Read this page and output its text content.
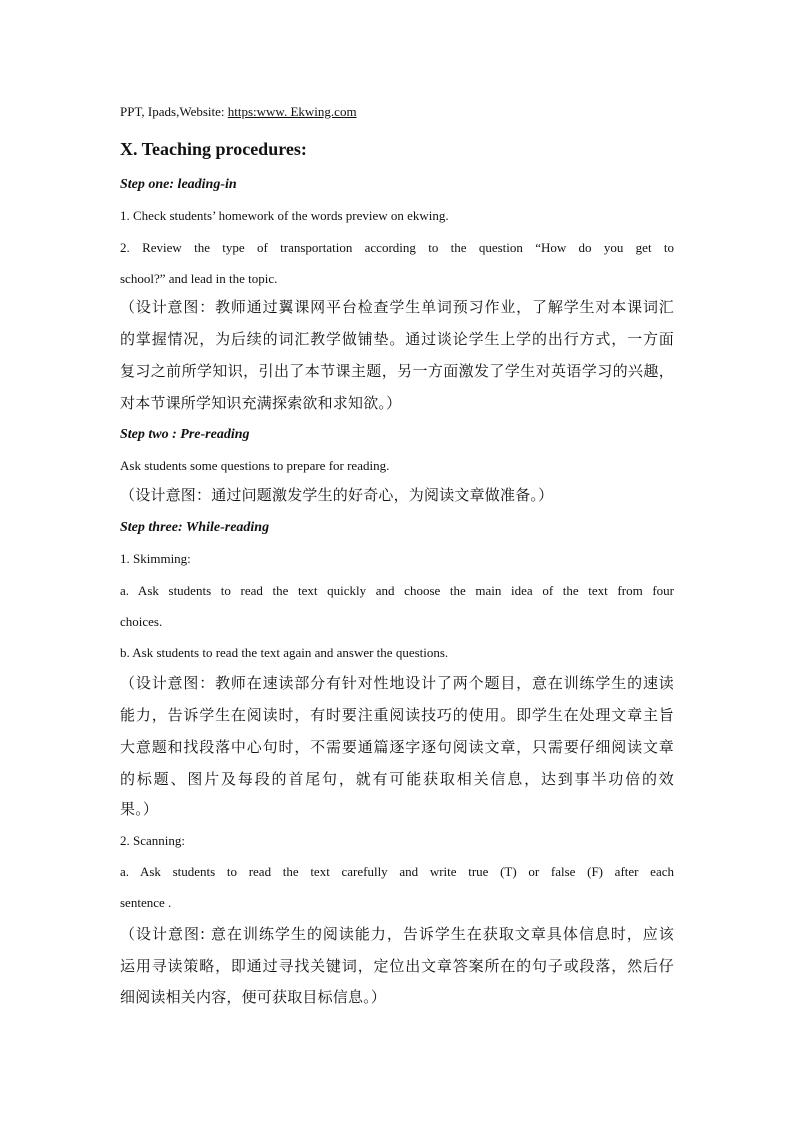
PPT, Ipads,Website: https:www. Ekwing.com
X. Teaching procedures:
Step one: leading-in
1. Check students’ homework of the words preview on ekwing.
2. Review the type of transportation according to the question “How do you get to
school?” and lead in the topic.
（设计意图：教师通过翼课网平台检查学生单词预习作业，了解学生对本课词汇
的掌握情况，为后续的词汇教学做铺垫。通过谈论学生上学的出行方式，一方面
复习之前所学知识，引出了本节课主题，另一方面激发了学生对英语学习的兴趣，
对本节课所学知识充满探索欲和求知欲。）
Step two : Pre-reading
Ask students some questions to prepare for reading.
（设计意图：通过问题激发学生的好奇心，为阅读文章做准备。）
Step three: While-reading
1. Skimming:
a. Ask students to read the text quickly and choose the main idea of the text from four
choices.
b. Ask students to read the text again and answer the questions.
（设计意图：教师在速读部分有针对性地设计了两个题目，意在训练学生的速读
能力，告诉学生在阅读时，有时要注重阅读技巧的使用。即学生在处理文章主旨
大意题和找段落中心句时，不需要通篇逐字逐句阅读文章，只需要仔细阅读文章
的标题、图片及每段的首尾句，就有可能获取相关信息，达到事半功倍的效
果。）
2. Scanning:
a. Ask students to read the text carefully and write true (T) or false (F) after each
sentence .
（设计意图: 意在训练学生的阅读能力，告诉学生在获取文章具体信息时，应该
运用寻读策略，即通过寻找关键词，定位出文章答案所在的句子或段落，然后仔
细阅读相关内容，便可获取目标信息。）
